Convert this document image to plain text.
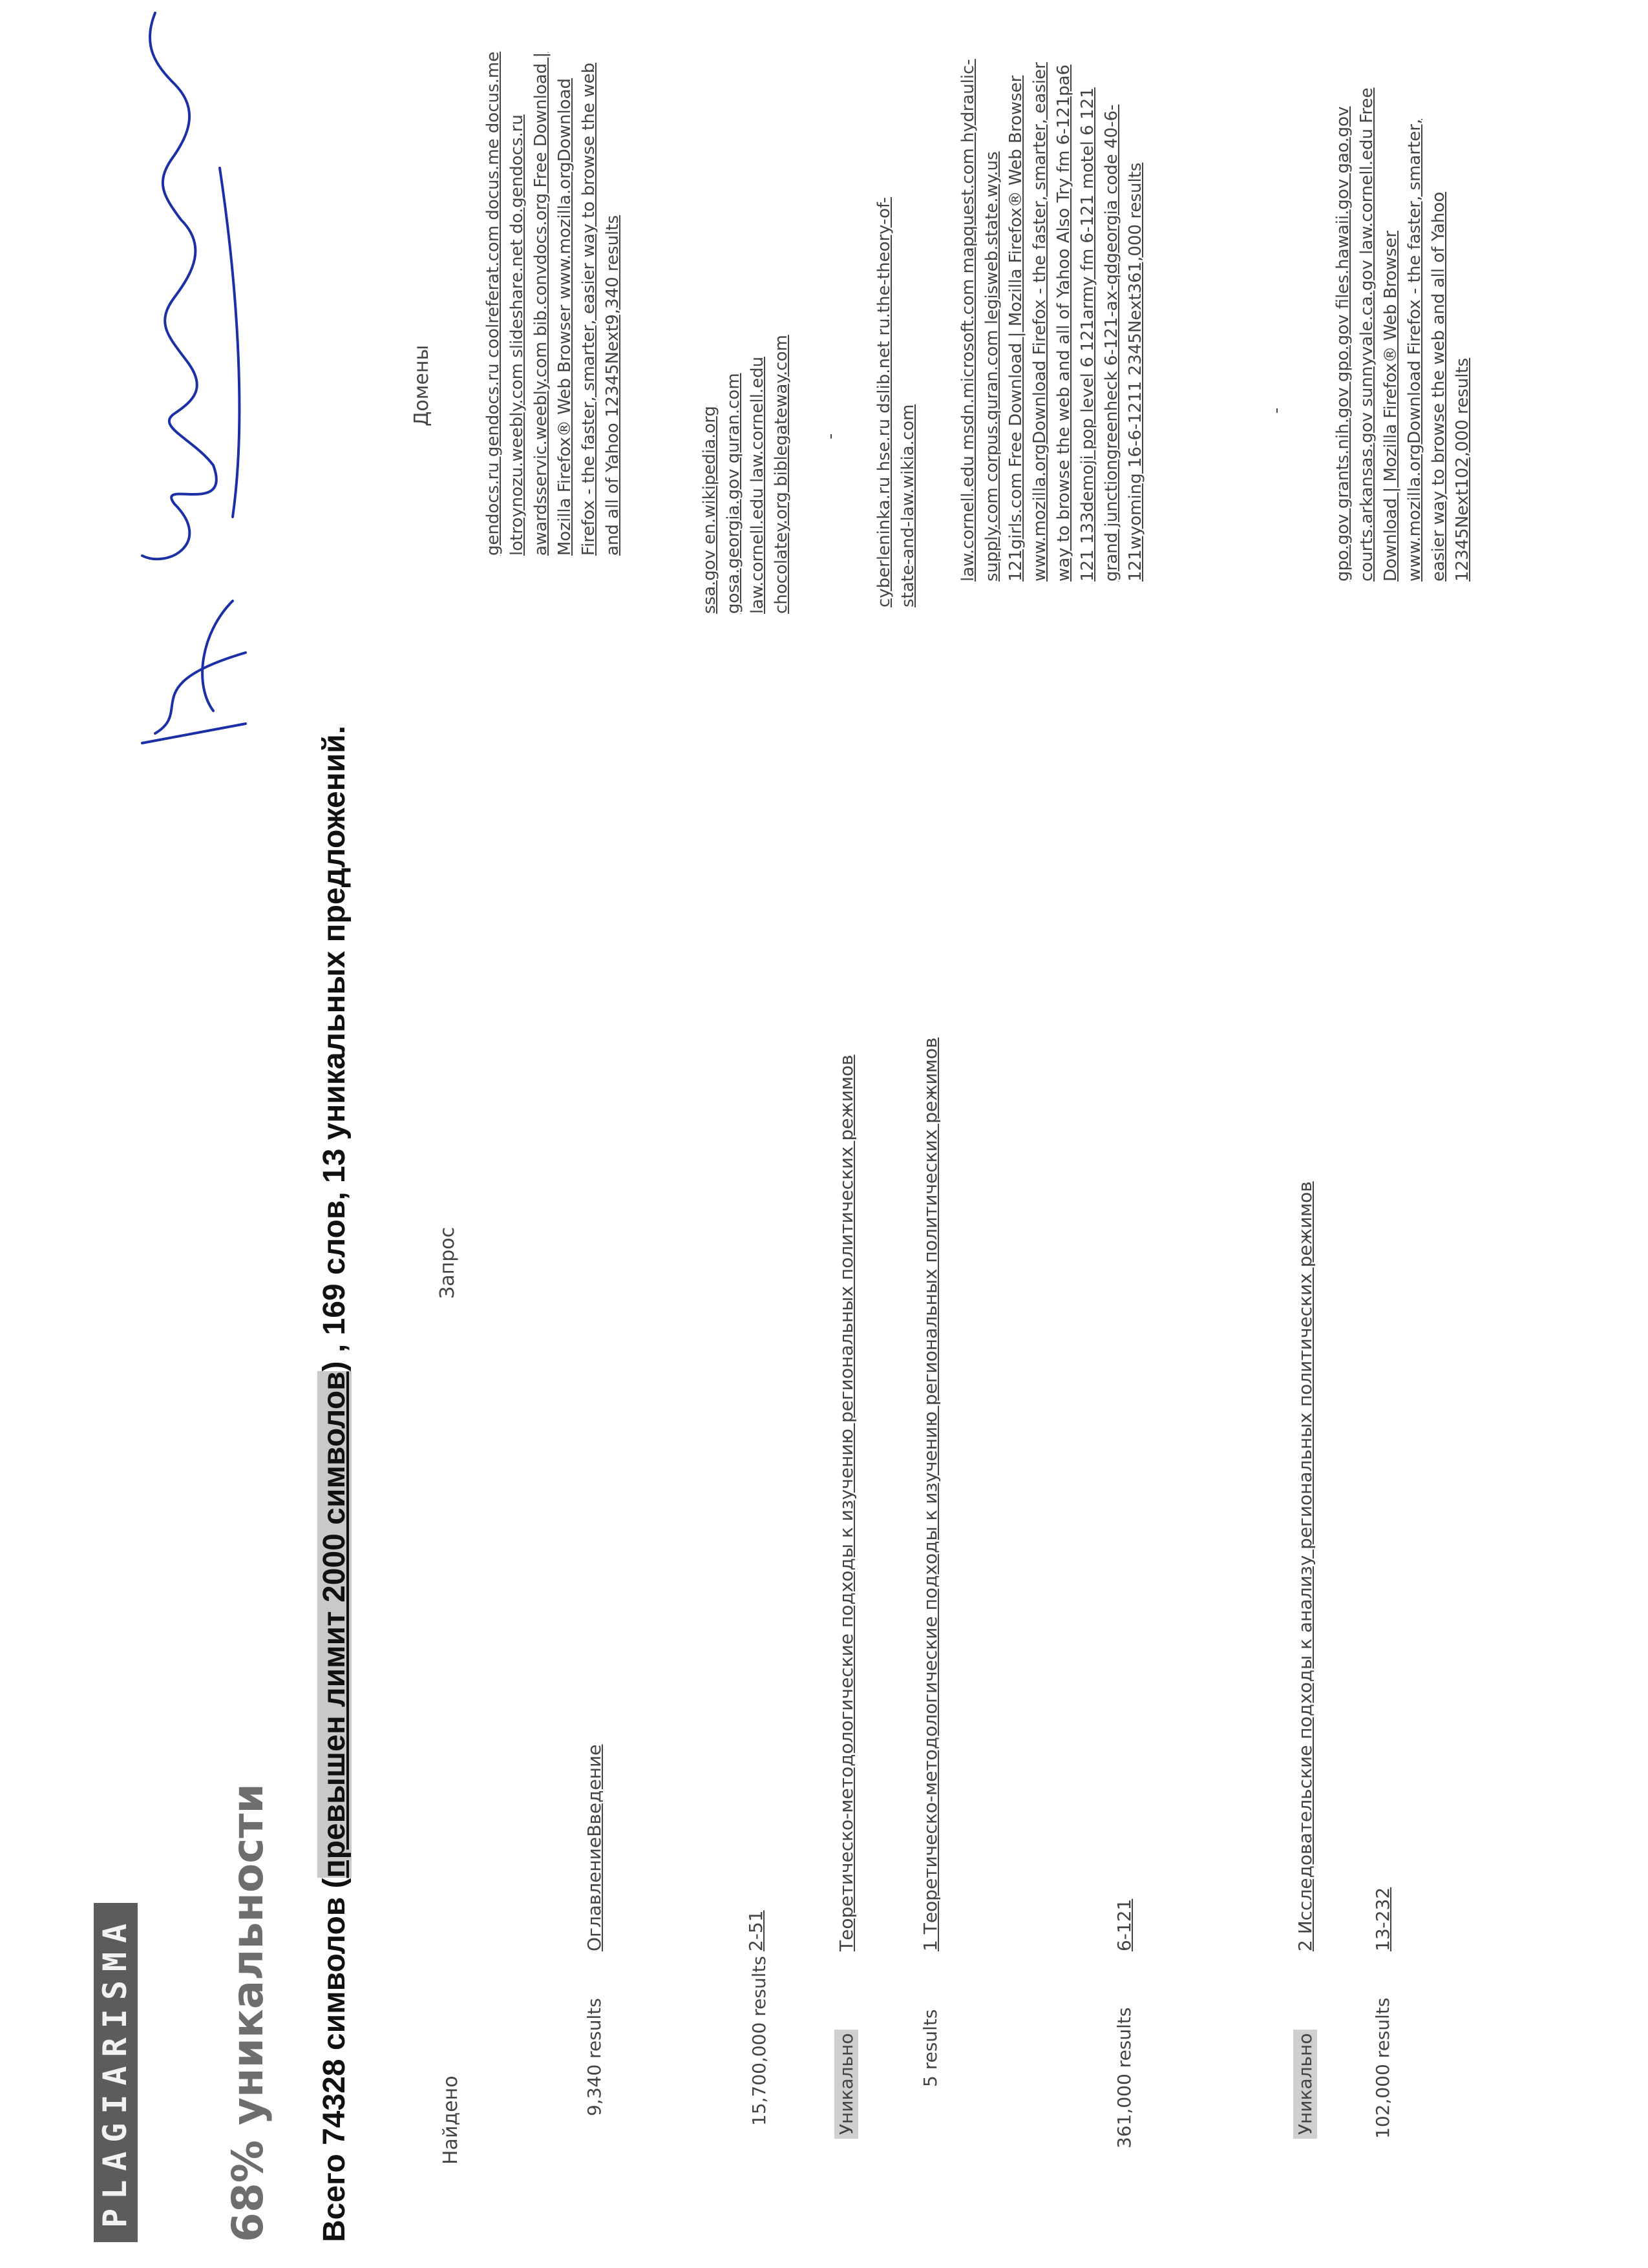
PLAGIARISMA 68% уникальности Всего 74328 символов (превышен лимит 2000 символов) , 169 слов, 13 уникальных предложений.
Найдено
Запрос
Домены
9,340 results
ОглавлениеВведение
gendocs.ru gendocs.ru coolreferat.com docus.me docus.me lotroynozu.weebly.com slideshare.net do.gendocs.ru awardsservic.weebly.com bib.convdocs.org Free Download | Mozilla Firefox® Web Browser www.mozilla.orgDownload Firefox - the faster, smarter, easier way to browse the web and all of Yahoo 12345Next9,340 results
15,700,000 results
2-51
ssa.gov en.wikipedia.org gosa.georgia.gov quran.com law.cornell.edu law.cornell.edu chocolatey.org biblegateway.com
Уникально
Теоретическо-методологические подходы к изучению региональных политических режимов
-
5 results
1 Теоретическо-методологические подходы к изучению региональных политических режимов
cyberleninka.ru hse.ru dslib.net ru.the-theory-of-state-and-law.wikia.com
361,000 results
6-121
law.cornell.edu msdn.microsoft.com mapquest.com hydraulic-supply.com corpus.quran.com legisweb.state.wy.us 121girls.com Free Download | Mozilla Firefox® Web Browser www.mozilla.orgDownload Firefox - the faster, smarter, easier way to browse the web and all of Yahoo Also Try fm 6-121pa6 121 133demoji pop level 6 121army fm 6-121 motel 6 121 grand junctiongreenheck 6-121-ax-qdgeorgia code 40-6-121wyoming 16-6-1211 2345Next361,000 results
Уникально
2 Исследовательские подходы к анализу региональных политических режимов
-
102,000 results
13-232
gpo.gov grants.nih.gov gpo.gov files.hawaii.gov gao.gov courts.arkansas.gov sunnyvale.ca.gov law.cornell.edu Free Download | Mozilla Firefox® Web Browser www.mozilla.orgDownload Firefox - the faster, smarter, easier way to browse the web and all of Yahoo 12345Next102,000 results
